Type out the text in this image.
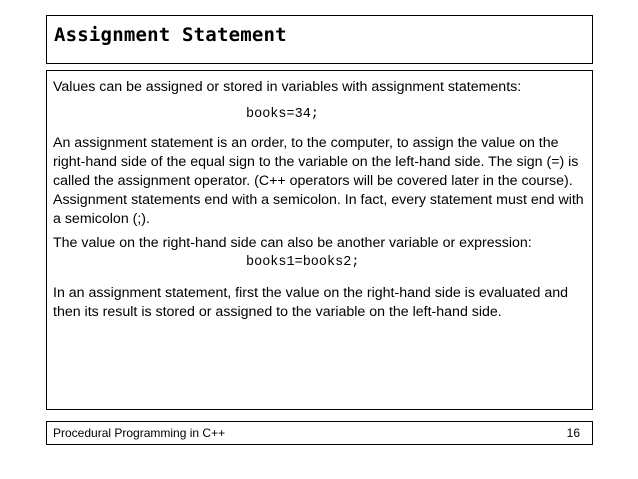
Assignment Statement

Values can be assigned or stored in variables with assignment statements:

books=34;

An assignment statement is an order, to the computer, to assign the value on the right-hand side of the equal sign to the variable on the left-hand side. The sign (=) is called the assignment operator. (C++ operators will be covered later in the course). Assignment statements end with a semicolon. In fact, every statement must end with a semicolon (;).

The value on the right-hand side can also be another variable or expression:

books1=books2;

In an assignment statement, first the value on the right-hand side is evaluated and then its result is stored or assigned to the variable on the left-hand side.

Procedural Programming in C++	16
